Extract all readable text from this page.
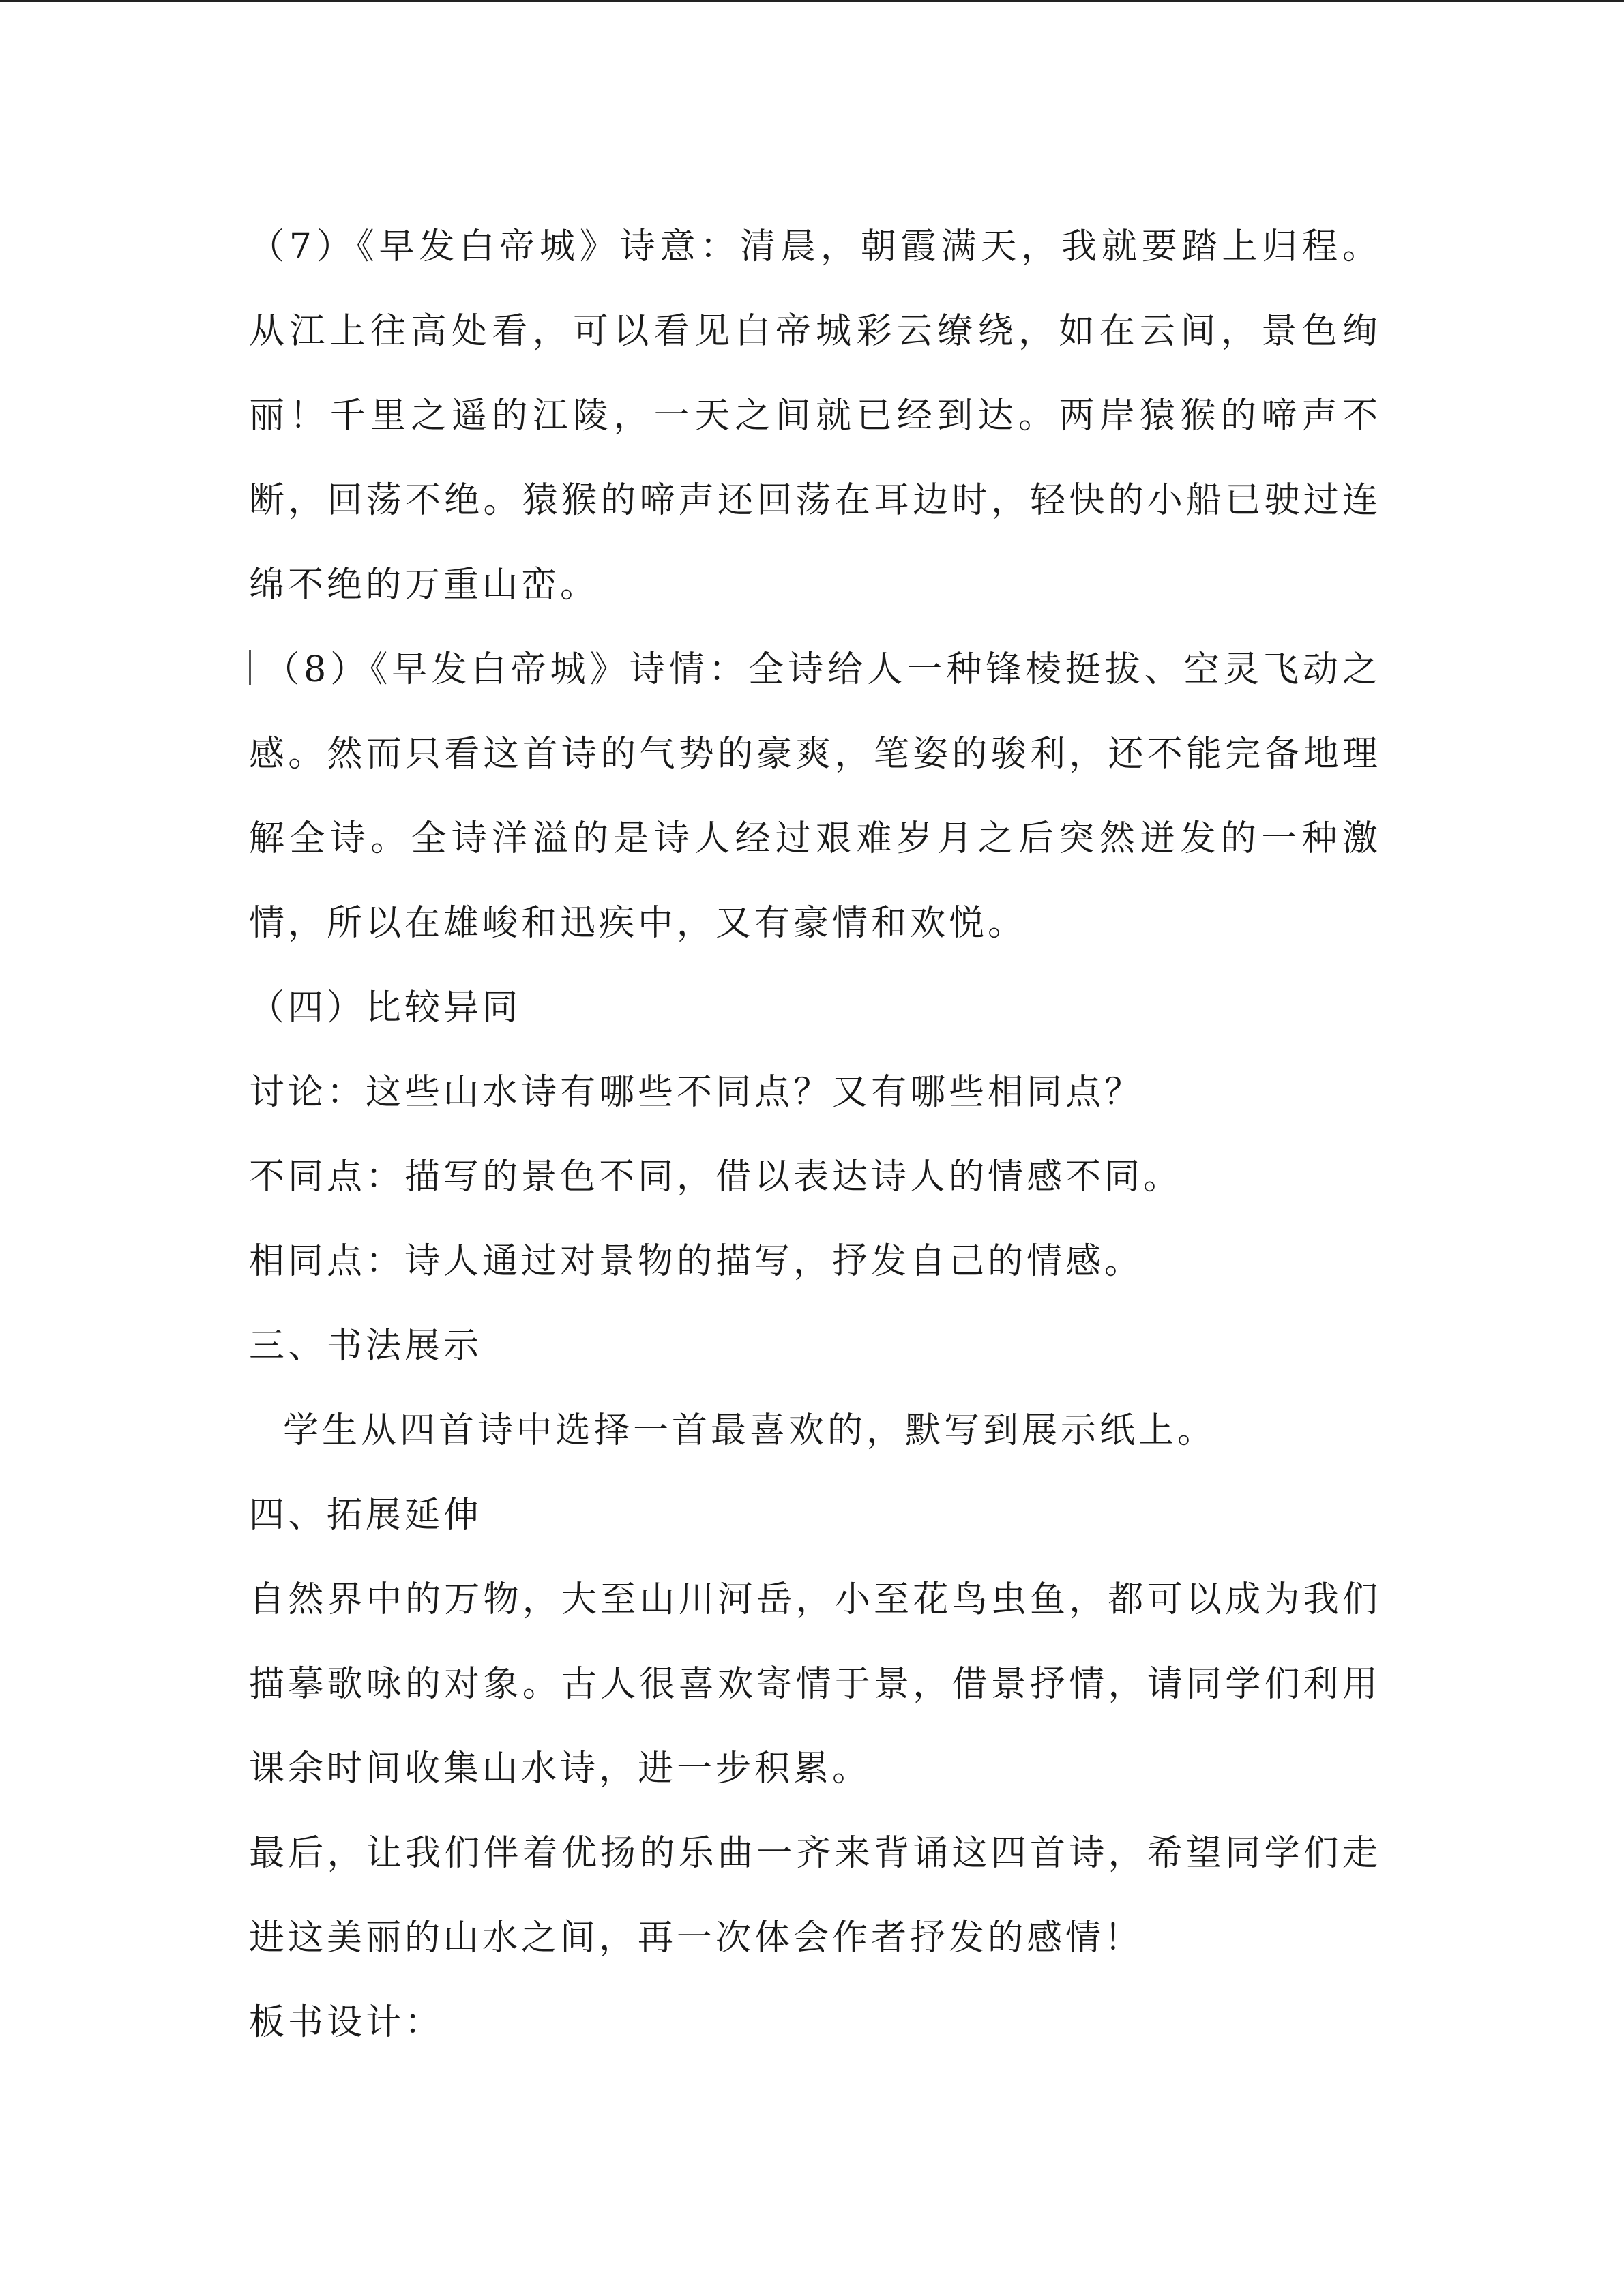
（7）《早发白帝城》诗意：清晨，朝霞满天，我就要踏上归程。从江上往高处看，可以看见白帝城彩云缭绕，如在云间，景色绚丽！千里之遥的江陵，一天之间就已经到达。两岸猿猴的啼声不断，回荡不绝。猿猴的啼声还回荡在耳边时，轻快的小船已驶过连绵不绝的万重山峦。

（8）《早发白帝城》诗情：全诗给人一种锋棱挺拔、空灵飞动之感。然而只看这首诗的气势的豪爽，笔姿的骏利，还不能完备地理解全诗。全诗洋溢的是诗人经过艰难岁月之后突然迸发的一种激情，所以在雄峻和迅疾中，又有豪情和欢悦。

（四）比较异同

讨论：这些山水诗有哪些不同点？又有哪些相同点？

不同点：描写的景色不同，借以表达诗人的情感不同。

相同点：诗人通过对景物的描写，抒发自己的情感。

三、书法展示

学生从四首诗中选择一首最喜欢的，默写到展示纸上。

四、拓展延伸

自然界中的万物，大至山川河岳，小至花鸟虫鱼，都可以成为我们描摹歌咏的对象。古人很喜欢寄情于景，借景抒情，请同学们利用课余时间收集山水诗，进一步积累。

最后，让我们伴着优扬的乐曲一齐来背诵这四首诗，希望同学们走进这美丽的山水之间，再一次体会作者抒发的感情！

板书设计：
